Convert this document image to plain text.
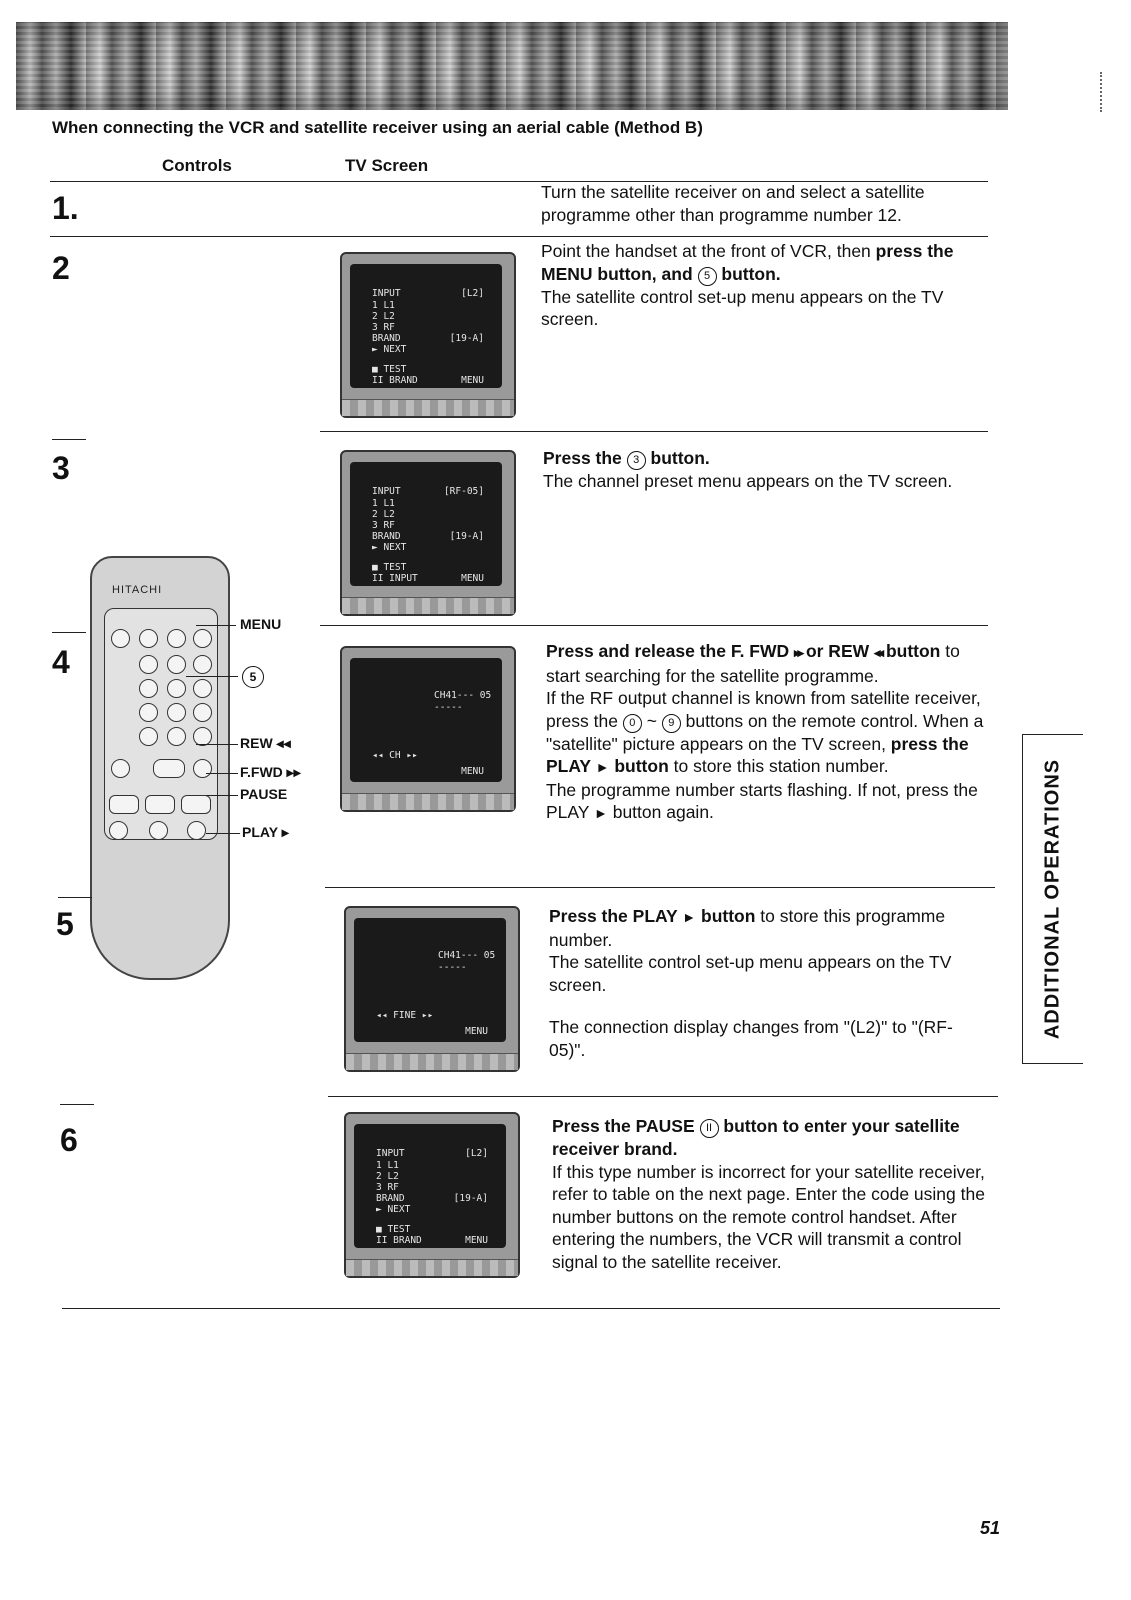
When connecting the VCR and satellite receiver using an aerial cable (Method B)
Controls	TV Screen
1.	Turn the satellite receiver on and select a satellite programme other than programme number 12.

2
INPUT	[L2]
1 L1
2 L2
3 RF
BRAND	[19-A]
► NEXT
■ TEST
II BRAND	MENU

Point the handset at the front of VCR, then press the MENU button, and 5 button.

The satellite control set-up menu appears on the TV screen.

3
INPUT	[RF-05]
1 L1
2 L2
3 RF
BRAND	[19-A]
► NEXT
■ TEST
II INPUT	MENU

Press the 3 button.

The channel preset menu appears on the TV screen.

4
CH41--- 05
-----
◂◂ CH ▸▸
MENU

Press and release the F. FWD ▸▸ or REW ◂◂ button to start searching for the satellite programme.

If the RF output channel is known from satellite receiver, press the 0 ~ 9 buttons on the remote control. When a "satellite" picture appears on the TV screen, press the PLAY ► button to store this station number.

The programme number starts flashing. If not, press the PLAY ► button again.

HITACHI
MENU
5
REW ◂◂
F.FWD ▸▸
PAUSE
PLAY ▸
5
CH41--- 05
-----
◂◂ FINE ▸▸
MENU

Press the PLAY ► button to store this programme number.

The satellite control set-up menu appears on the TV screen.

The connection display changes from "(L2)" to "(RF-05)".

6	INPUT	[L2]
1 L1
2 L2
3 RF
BRAND	[19-A]
► NEXT
■ TEST
II BRAND	MENU

Press the PAUSE II button to enter your satellite receiver brand.

If this type number is incorrect for your satellite receiver, refer to table on the next page. Enter the code using the number buttons on the remote control handset. After entering the numbers, the VCR will transmit a control signal to the satellite receiver.

ADDITIONAL OPERATIONS
51
